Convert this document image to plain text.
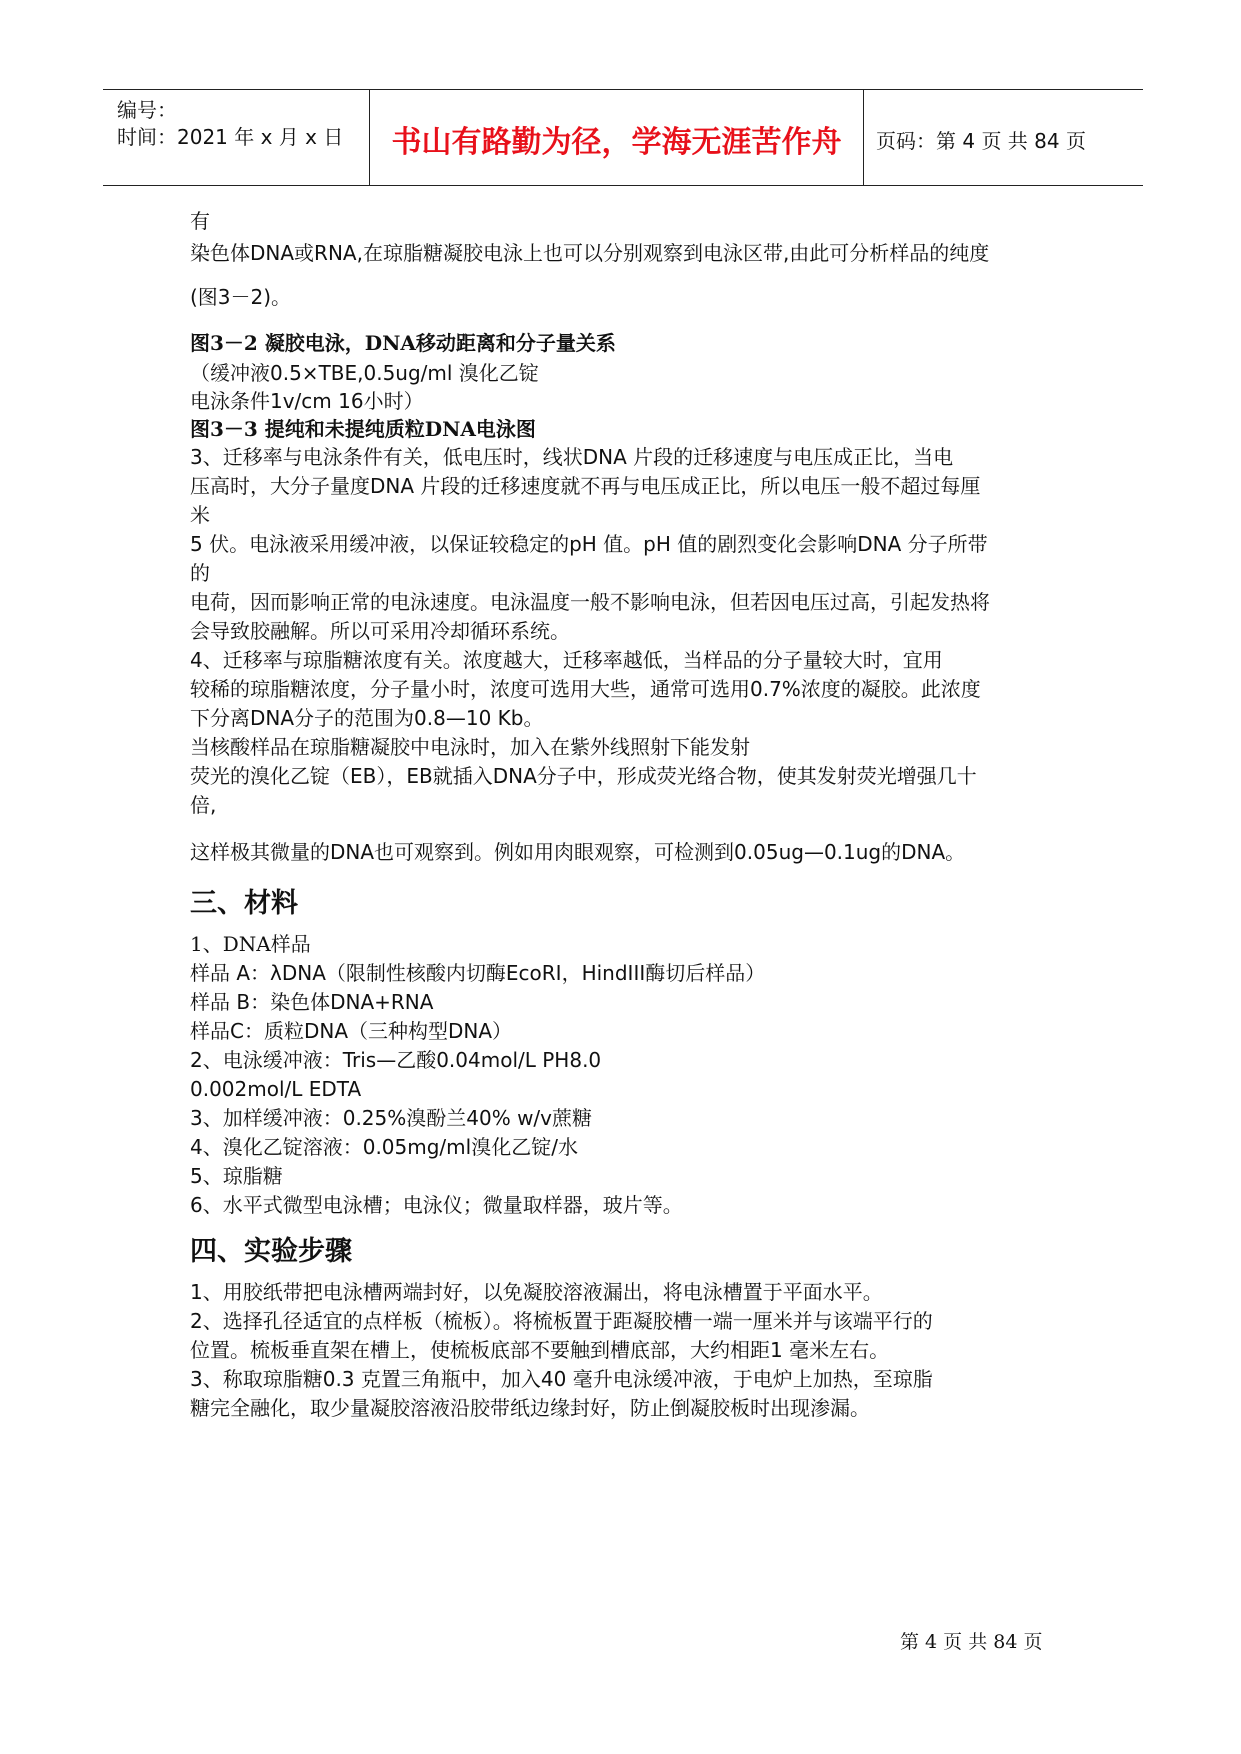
编号：
时间：2021 年 x 月 x 日	书山有路勤为径，学海无涯苦作舟	页码：第 4 页 共 84 页

有

染色体DNA或RNA,在琼脂糖凝胶电泳上也可以分别观察到电泳区带,由此可分析样品的纯度

(图3－2)。

图3－2 凝胶电泳，DNA移动距离和分子量关系

（缓冲液0.5×TBE,0.5ug/ml 溴化乙锭

电泳条件1v/cm 16小时）

图3－3 提纯和未提纯质粒DNA电泳图

3、迁移率与电泳条件有关，低电压时，线状DNA 片段的迁移速度与电压成正比，当电

压高时，大分子量度DNA 片段的迁移速度就不再与电压成正比，所以电压一般不超过每厘

米

5 伏。电泳液采用缓冲液，以保证较稳定的pH 值。pH 值的剧烈变化会影响DNA 分子所带

的

电荷，因而影响正常的电泳速度。电泳温度一般不影响电泳，但若因电压过高，引起发热将

会导致胶融解。所以可采用冷却循环系统。

4、迁移率与琼脂糖浓度有关。浓度越大，迁移率越低，当样品的分子量较大时，宜用

较稀的琼脂糖浓度，分子量小时，浓度可选用大些，通常可选用0.7%浓度的凝胶。此浓度

下分离DNA分子的范围为0.8—10 Kb。

当核酸样品在琼脂糖凝胶中电泳时，加入在紫外线照射下能发射

荧光的溴化乙锭（EB），EB就插入DNA分子中，形成荧光络合物，使其发射荧光增强几十

倍,

这样极其微量的DNA也可观察到。例如用肉眼观察，可检测到0.05ug—0.1ug的DNA。

三、材料

1、DNA样品

样品 A：λDNA（限制性核酸内切酶EcoRI，HindIII酶切后样品）

样品 B：染色体DNA+RNA

样品C：质粒DNA（三种构型DNA）

2、电泳缓冲液：Tris—乙酸0.04mol/L PH8.0

0.002mol/L EDTA

3、加样缓冲液：0.25%溴酚兰40% w/v蔗糖

4、溴化乙锭溶液：0.05mg/ml溴化乙锭/水

5、琼脂糖

6、水平式微型电泳槽；电泳仪；微量取样器，玻片等。

四、实验步骤

1、用胶纸带把电泳槽两端封好，以免凝胶溶液漏出，将电泳槽置于平面水平。

2、选择孔径适宜的点样板（梳板）。将梳板置于距凝胶槽一端一厘米并与该端平行的

位置。梳板垂直架在槽上，使梳板底部不要触到槽底部，大约相距1 毫米左右。

3、称取琼脂糖0.3 克置三角瓶中，加入40 毫升电泳缓冲液，于电炉上加热，至琼脂

糖完全融化，取少量凝胶溶液沿胶带纸边缘封好，防止倒凝胶板时出现渗漏。

第 4 页 共 84 页
